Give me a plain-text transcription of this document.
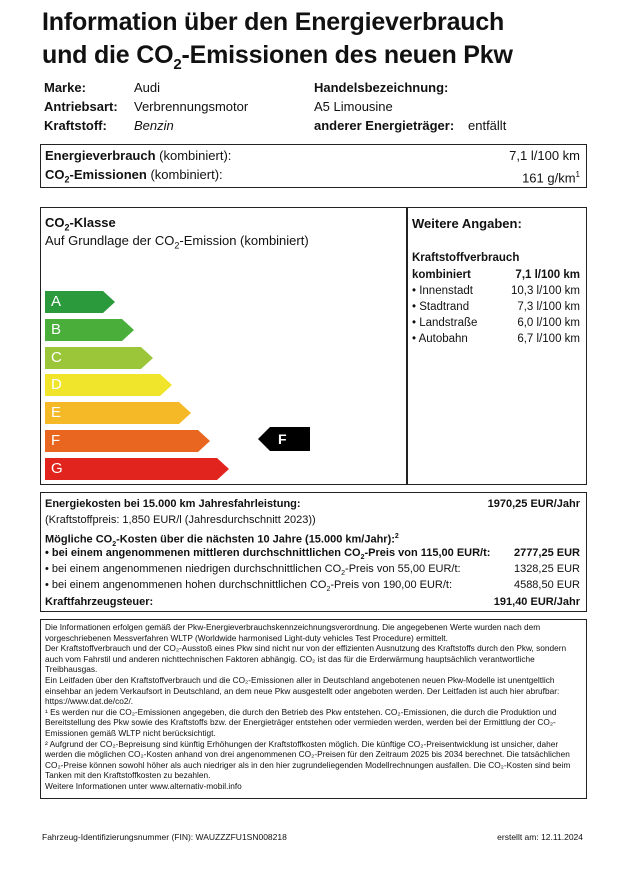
Information über den Energieverbrauch
und die $CO_2$-Emissionen des neuen Pkw
Marke:	Audi
Antriebsart: Verbrennungsmotor
Kraftstoff: Benzin
Handelsbezeichnung:
A5 Limousine
anderer Energieträger: entfällt
Energieverbrauch (kombiniert):	7,1 l/100 km
$CO_2$-Emissionen (kombiniert):	161 $g/km^1$
$CO_2$-Klasse
Auf Grundlage der $CO_2$-Emission (kombiniert)
A
B
C
D
E
F
G
F
Weitere Angaben:
Kraftstoffverbrauch
kombiniert	7,1 l/100 km
• Innenstadt	10,3 l/100 km
• Stadtrand	7,3 l/100 km
• Landstraße	6,0 l/100 km
• Autobahn	6,7 l/100 km
Energiekosten bei 15.000 km Jahresfahrleistung:	1970,25 EUR/Jahr
(Kraftstoffpreis: 1,850 EUR/l (Jahresdurchschnitt 2023))
Mögliche $CO_2$-Kosten über die nächsten 10 Jahre (15.000 km/Jahr):$^2$
• bei einem angenommenen mittleren durchschnittlichen $CO_2$-Preis von 115,00 EUR/t: 2777,25 EUR
• bei einem angenommenen niedrigen durchschnittlichen $CO_2$-Preis von 55,00 EUR/t:	1328,25 EUR
• bei einem angenommenen hohen durchschnittlichen $CO_2$-Preis von 190,00 EUR/t:	4588,50 EUR
Kraftfahrzeugsteuer:	191,40 EUR/Jahr

Die Informationen erfolgen gemäß der Pkw-Energieverbrauchskennzeichnungsverordnung. Die angegebenen Werte wurden nach dem vorgeschriebenen Messverfahren WLTP (Worldwide harmonised Light-duty vehicles Test Procedure) ermittelt.

Der Kraftstoffverbrauch und der CO₂-Ausstoß eines Pkw sind nicht nur von der effizienten Ausnutzung des Kraftstoffs durch den Pkw, sondern auch vom Fahrstil und anderen nichttechnischen Faktoren abhängig. CO₂ ist das für die Erderwärmung hauptsächlich verantwortliche Treibhausgas.

Ein Leitfaden über den Kraftstoffverbrauch und die CO₂-Emissionen aller in Deutschland angebotenen neuen Pkw-Modelle ist unentgeltlich einsehbar an jedem Verkaufsort in Deutschland, an dem neue Pkw ausgestellt oder angeboten werden. Der Leitfaden ist auch hier abrufbar: https://www.dat.de/co2/.

¹ Es werden nur die CO₂-Emissionen angegeben, die durch den Betrieb des Pkw entstehen. CO₂-Emissionen, die durch die Produktion und Bereitstellung des Pkw sowie des Kraftstoffs bzw. der Energieträger entstehen oder vermieden werden, werden bei der Ermittlung der CO₂-Emissionen gemäß WLTP nicht berücksichtigt.

² Aufgrund der CO₂-Bepreisung sind künftig Erhöhungen der Kraftstoffkosten möglich. Die künftige CO₂-Preisentwicklung ist unsicher, daher werden die möglichen CO₂-Kosten anhand von drei angenommenen CO₂-Preisen für den Zeitraum 2025 bis 2034 berechnet. Die tatsächlichen CO₂-Preise können sowohl höher als auch niedriger als in den hier zugrundeliegenden Modellrechnungen ausfallen. Die CO₂-Kosten sind beim Tanken mit den Kraftstoffkosten zu bezahlen.

Weitere Informationen unter www.alternativ-mobil.info

Fahrzeug-Identifizierungsnummer (FIN): WAUZZZFU1SN008218	erstellt am: 12.11.2024
